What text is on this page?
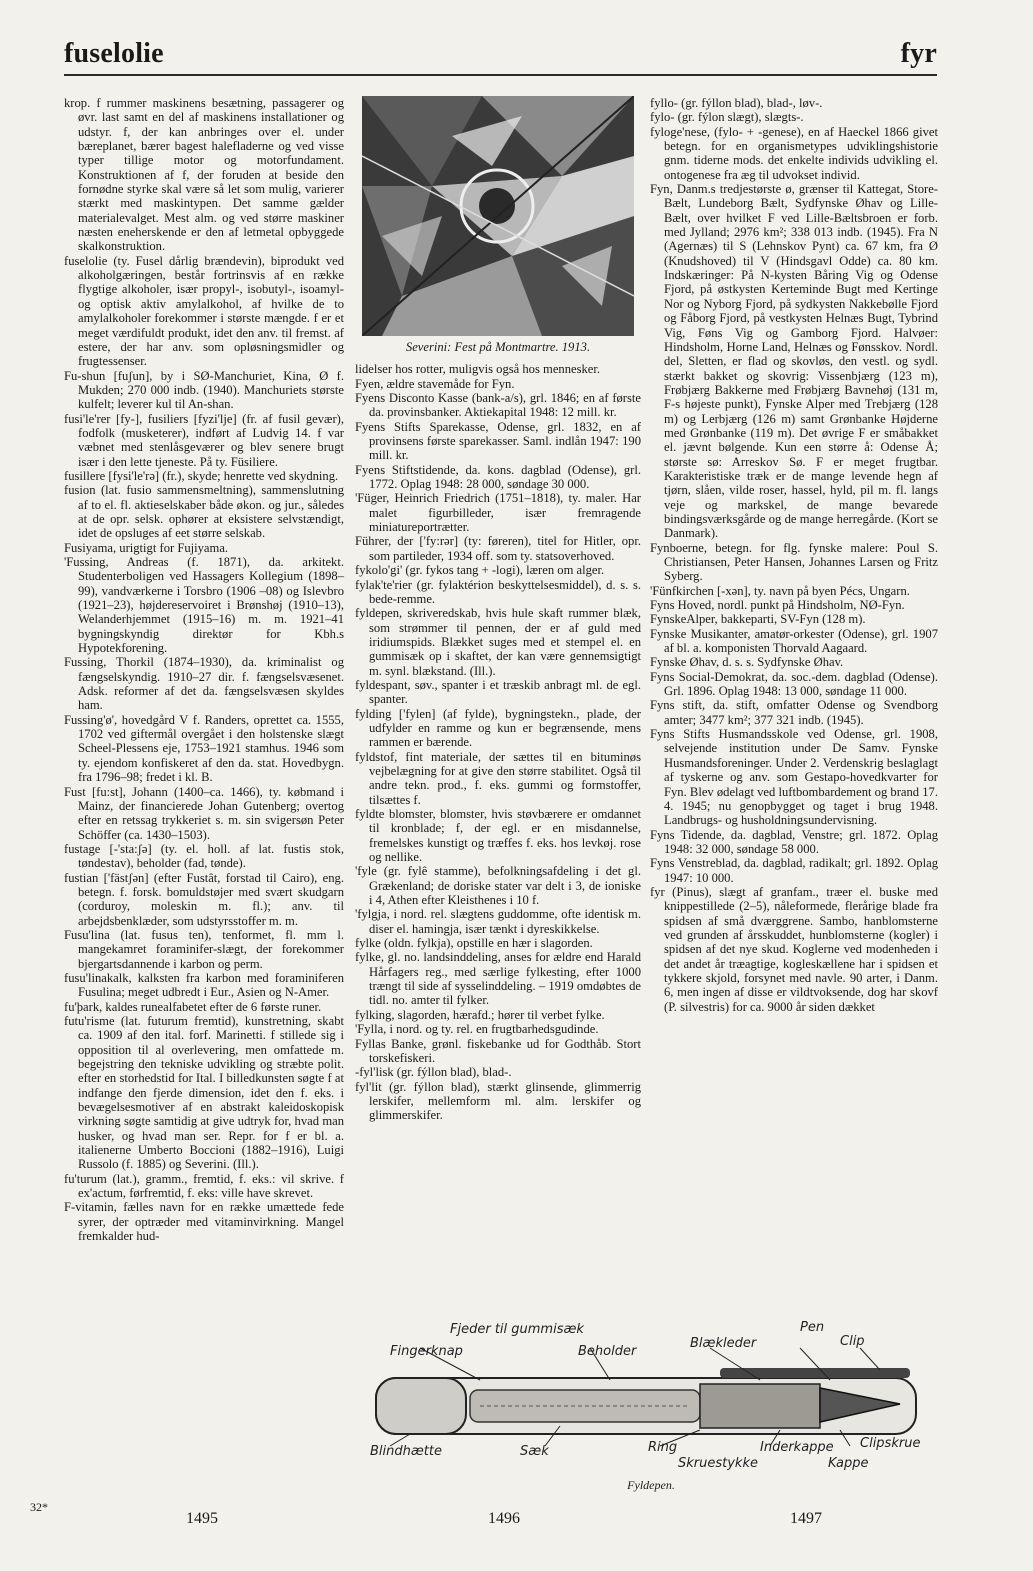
fuselolie	fyr

krop. f rummer maskinens besætning, passagerer og øvr. last samt en del af maskinens installationer og udstyr. f, der kan anbringes over el. under bæreplanet, bærer bagest halefladerne og ved visse typer tillige motor og motorfundament. Konstruktionen af f, der foruden at beside den fornødne styrke skal være så let som mulig, varierer stærkt med maskintypen. Det samme gælder materialevalget. Mest alm. og ved større maskiner næsten eneherskende er den af letmetal opbyggede skalkonstruktion.

fuselolie (ty. Fusel dårlig brændevin), biprodukt ved alkoholgæringen, består fortrinsvis af en række flygtige alkoholer, især propyl-, isobutyl-, isoamyl- og optisk aktiv amylalkohol, af hvilke de to amylalkoholer forekommer i største mængde. f er et meget værdifuldt produkt, idet den anv. til fremst. af estere, der har anv. som opløsningsmidler og frugtessenser.

Fu-shun [fuʃun], by i SØ-Manchuriet, Kina, Ø f. Mukden; 270 000 indb. (1940). Manchuriets største kulfelt; leverer kul til An-shan.

fusi'le'rer [fy-], fusiliers [fyzi'lje] (fr. af fusil gevær), fodfolk (musketerer), indført af Ludvig 14. f var væbnet med stenlåsgeværer og blev senere brugt især i den lette tjeneste. På ty. Füsiliere.

fusillere [fysi'le'rə] (fr.), skyde; henrette ved skydning.

fusion (lat. fusio sammensmeltning), sammenslutning af to el. fl. aktieselskaber både økon. og jur., således at de opr. selsk. ophører at eksistere selvstændigt, idet de opsluges af eet større selskab.

Fusiyama, urigtigt for Fujiyama.

'Fussing, Andreas (f. 1871), da. arkitekt. Studenterboligen ved Hassagers Kollegium (1898–99), vandværkerne i Torsbro (1906 –08) og Islevbro (1921–23), højdereservoiret i Brønshøj (1910–13), Welanderhjemmet (1915–16) m. m. 1921–41 bygningskyndig direktør for Kbh.s Hypotekforening.

Fussing, Thorkil (1874–1930), da. kriminalist og fængselskyndig. 1910–27 dir. f. fængselsvæsenet. Adsk. reformer af det da. fængselsvæsen skyldes ham.

Fussing'ø', hovedgård V f. Randers, oprettet ca. 1555, 1702 ved giftermål overgået i den holstenske slægt Scheel-Plessens eje, 1753–1921 stamhus. 1946 som ty. ejendom konfiskeret af den da. stat. Hovedbygn. fra 1796–98; fredet i kl. B.

Fust [fu:st], Johann (1400–ca. 1466), ty. købmand i Mainz, der financierede Johan Gutenberg; overtog efter en retssag trykkeriet s. m. sin svigersøn Peter Schöffer (ca. 1430–1503).

fustage [-'sta:ʃə] (ty. el. holl. af lat. fustis stok, tøndestav), beholder (fad, tønde).

fustian ['fästʃən] (efter Fustât, forstad til Cairo), eng. betegn. f. forsk. bomuldstøjer med svært skudgarn (corduroy, moleskin m. fl.); anv. til arbejdsbenklæder, som udstyrsstoffer m. m.

Fusu'lina (lat. fusus ten), tenformet, fl. mm l. mangekamret foraminifer-slægt, der forekommer bjergartsdannende i karbon og perm.

fusu'linakalk, kalksten fra karbon med foraminiferen Fusulina; meget udbredt i Eur., Asien og N-Amer.

fu'þark, kaldes runealfabetet efter de 6 første runer.

futu'risme (lat. futurum fremtid), kunstretning, skabt ca. 1909 af den ital. forf. Marinetti. f stillede sig i opposition til al overlevering, men omfattede m. begejstring den tekniske udvikling og stræbte polit. efter en storhedstid for Ital. I billedkunsten søgte f at indfange den fjerde dimension, idet den f. eks. i bevægelsesmotiver af en abstrakt kaleidoskopisk virkning søgte samtidig at give udtryk for, hvad man husker, og hvad man ser. Repr. for f er bl. a. italienerne Umberto Boccioni (1882–1916), Luigi Russolo (f. 1885) og Severini. (Ill.).

fu'turum (lat.), gramm., fremtid, f. eks.: vil skrive. f ex'actum, førfremtid, f. eks: ville have skrevet.

F-vitamin, fælles navn for en række umættede fede syrer, der optræder med vitaminvirkning. Mangel fremkalder hud-

Severini: Fest på Montmartre. 1913.

lidelser hos rotter, muligvis også hos mennesker.

Fyen, ældre stavemåde for Fyn.

Fyens Disconto Kasse (bank-a/s), grl. 1846; en af første da. provinsbanker. Aktiekapital 1948: 12 mill. kr.

Fyens Stifts Sparekasse, Odense, grl. 1832, en af provinsens første sparekasser. Saml. indlån 1947: 190 mill. kr.

Fyens Stiftstidende, da. kons. dagblad (Odense), grl. 1772. Oplag 1948: 28 000, søndage 30 000.

'Füger, Heinrich Friedrich (1751–1818), ty. maler. Har malet figurbilleder, især fremragende miniatureportrætter.

Führer, der ['fy:rər] (ty: føreren), titel for Hitler, opr. som partileder, 1934 off. som ty. statsoverhoved.

fykolo'gi' (gr. fykos tang + -logi), læren om alger.

fylak'te'rier (gr. fylaktérion beskyttelsesmiddel), d. s. s. bede-remme.

fyldepen, skriveredskab, hvis hule skaft rummer blæk, som strømmer til pennen, der er af guld med iridiumspids. Blækket suges med et stempel el. en gummisæk op i skaftet, der kan være gennemsigtigt m. synl. blækstand. (Ill.).

fyldespant, søv., spanter i et træskib anbragt ml. de egl. spanter.

fylding ['fylen] (af fylde), bygningstekn., plade, der udfylder en ramme og kun er begrænsende, mens rammen er bærende.

fyldstof, fint materiale, der sættes til en bituminøs vejbelægning for at give den større stabilitet. Også til andre tekn. prod., f. eks. gummi og formstoffer, tilsættes f.

fyldte blomster, blomster, hvis støvbærere er omdannet til kronblade; f, der egl. er en misdannelse, fremelskes kunstigt og træffes f. eks. hos levkøj. rose og nellike.

'fyle (gr. fylê stamme), befolkningsafdeling i det gl. Grækenland; de doriske stater var delt i 3, de ioniske i 4, Athen efter Kleisthenes i 10 f.

'fylgja, i nord. rel. slægtens guddomme, ofte identisk m. diser el. hamingja, især tænkt i dyreskikkelse.

fylke (oldn. fylkja), opstille en hær i slagorden.

fylke, gl. no. landsinddeling, anses for ældre end Harald Hårfagers reg., med særlige fylkesting, efter 1000 trængt til side af sysselinddeling. – 1919 omdøbtes de tidl. no. amter til fylker.

fylking, slagorden, hærafd.; hører til verbet fylke.

'Fylla, i nord. og ty. rel. en frugtbarhedsgudinde.

Fyllas Banke, grønl. fiskebanke ud for Godthåb. Stort torskefiskeri.

-fyl'lisk (gr. fýllon blad), blad-.

fyl'lit (gr. fýllon blad), stærkt glinsende, glimmerrig lerskifer, mellemform ml. alm. lerskifer og glimmerskifer.

fyllo- (gr. fýllon blad), blad-, løv-.

fylo- (gr. fýlon slægt), slægts-.

fyloge'nese, (fylo- + -genese), en af Haeckel 1866 givet betegn. for en organismetypes udviklingshistorie gnm. tiderne mods. det enkelte individs udvikling el. ontogenese fra æg til udvokset individ.

Fyn, Danm.s tredjestørste ø, grænser til Kattegat, Store-Bælt, Lundeborg Bælt, Sydfynske Øhav og Lille-Bælt, over hvilket F ved Lille-Bæltsbroen er forb. med Jylland; 2976 km²; 338 013 indb. (1945). Fra N (Agernæs) til S (Lehnskov Pynt) ca. 67 km, fra Ø (Knudshoved) til V (Hindsgavl Odde) ca. 80 km. Indskæringer: På N-kysten Båring Vig og Odense Fjord, på østkysten Kerteminde Bugt med Kertinge Nor og Nyborg Fjord, på sydkysten Nakkebølle Fjord og Fåborg Fjord, på vestkysten Helnæs Bugt, Tybrind Vig, Føns Vig og Gamborg Fjord. Halvøer: Hindsholm, Horne Land, Helnæs og Fønsskov. Nordl. del, Sletten, er flad og skovløs, den vestl. og sydl. stærkt bakket og skovrig: Vissenbjærg (123 m), Frøbjærg Bakkerne med Frøbjærg Bavnehøj (131 m, F-s højeste punkt), Fynske Alper med Trebjærg (128 m) og Lerbjærg (126 m) samt Grønbanke Højderne med Grønbanke (119 m). Det øvrige F er småbakket el. jævnt bølgende. Kun een større å: Odense Å; største sø: Arreskov Sø. F er meget frugtbar. Karakteristiske træk er de mange levende hegn af tjørn, slåen, vilde roser, hassel, hyld, pil m. fl. langs veje og markskel, de mange bevarede bindingsværksgårde og de mange herregårde. (Kort se Danmark).

Fynboerne, betegn. for flg. fynske malere: Poul S. Christiansen, Peter Hansen, Johannes Larsen og Fritz Syberg.

'Fünfkirchen [-xən], ty. navn på byen Pécs, Ungarn.

Fyns Hoved, nordl. punkt på Hindsholm, NØ-Fyn.

FynskeAlper, bakkeparti, SV-Fyn (128 m).

Fynske Musikanter, amatør-orkester (Odense), grl. 1907 af bl. a. komponisten Thorvald Aagaard.

Fynske Øhav, d. s. s. Sydfynske Øhav.

Fyns Social-Demokrat, da. soc.-dem. dagblad (Odense). Grl. 1896. Oplag 1948: 13 000, søndage 11 000.

Fyns stift, da. stift, omfatter Odense og Svendborg amter; 3477 km²; 377 321 indb. (1945).

Fyns Stifts Husmandsskole ved Odense, grl. 1908, selvejende institution under De Samv. Fynske Husmandsforeninger. Under 2. Verdenskrig beslaglagt af tyskerne og anv. som Gestapo-hovedkvarter for Fyn. Blev ødelagt ved luftbombardement og brand 17. 4. 1945; nu genopbygget og taget i brug 1948. Landbrugs- og husholdningsundervisning.

Fyns Tidende, da. dagblad, Venstre; grl. 1872. Oplag 1948: 32 000, søndage 58 000.

Fyns Venstreblad, da. dagblad, radikalt; grl. 1892. Oplag 1947: 10 000.

fyr (Pinus), slægt af granfam., træer el. buske med knippestillede (2–5), nåleformede, flerårige blade fra spidsen af små dværggrene. Sambo, hanblomsterne ved grunden af årsskuddet, hunblomsterne (kogler) i spidsen af det nye skud. Koglerne ved modenheden i det andet år træagtige, kogleskællene har i spidsen et tykkere skjold, forsynet med navle. 90 arter, i Danm. 6, men ingen af disse er vildtvoksende, dog har skovf (P. silvestris) for ca. 9000 år siden dækket

Fjeder til gummisæk
Fingerknap	Beholder
Blækleder
Pen
Clip
Blindhætte	Sæk	Ring	Inderkappe Clipskrue
Skruestykke	Kappe
Fyldepen.
32*
1495	1496	1497
